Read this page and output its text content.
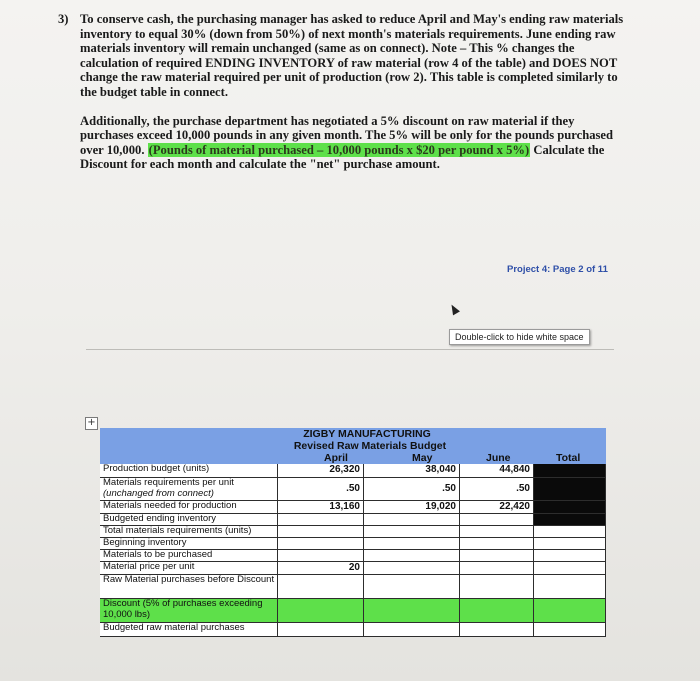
3) To conserve cash, the purchasing manager has asked to reduce April and May's ending raw materials inventory to equal 30% (down from 50%) of next month's materials requirements. June ending raw materials inventory will remain unchanged (same as on connect). Note – This % changes the calculation of required ENDING INVENTORY of raw material (row 4 of the table) and DOES NOT change the raw material required per unit of production (row 2). This table is completed similarly to the budget table in connect.
Additionally, the purchase department has negotiated a 5% discount on raw material if they purchases exceed 10,000 pounds in any given month. The 5% will be only for the pounds purchased over 10,000. (Pounds of material purchased – 10,000 pounds x $20 per pound x 5%) Calculate the Discount for each month and calculate the "net" purchase amount.
Project 4: Page 2 of 11
Double-click to hide white space
+
ZIGBY MANUFACTURING
Revised Raw Materials Budget
April	May	June	Total
Production budget (units)	26,320	38,040	44,840
Materials requirements per unit
(unchanged from connect)	.50	.50	.50
Materials needed for production	13,160	19,020	22,420
Budgeted ending inventory
Total materials requirements (units)
Beginning inventory
Materials to be purchased
Material price per unit	20
Raw Material purchases before Discount
Discount (5% of purchases exceeding 10,000 lbs)
Budgeted raw material purchases
